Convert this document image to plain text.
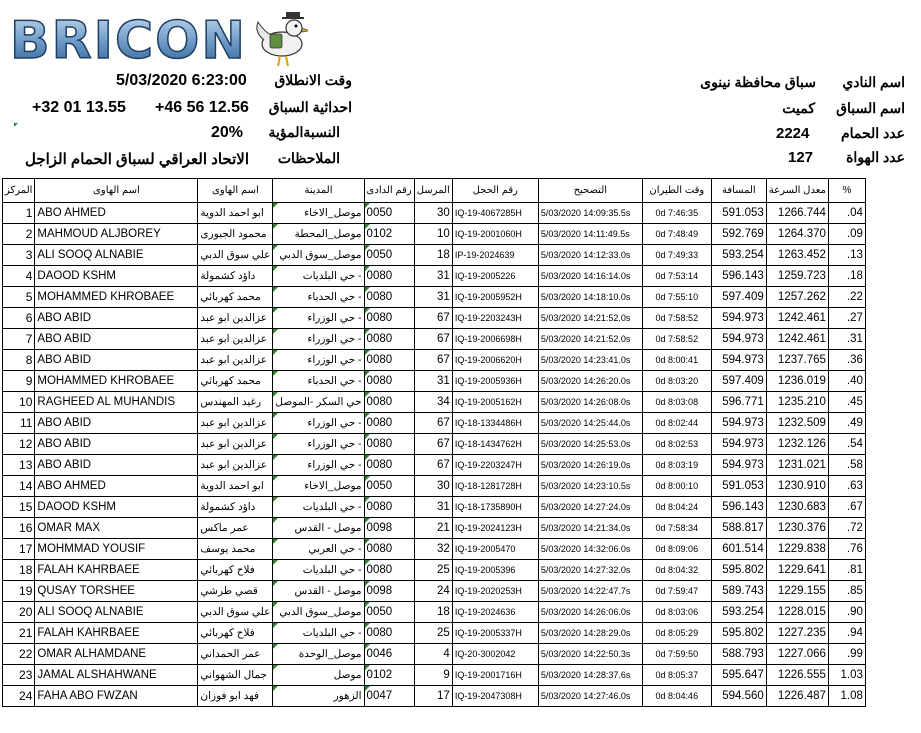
BRICON
5/03/2020 6:23:00 وقت الانطلاق
+32 01 13.55 +46 56 12.56 احداثية السباق
20% النسبةالمؤية
الاتحاد العراقي لسباق الحمام الزاجل الملاحظات
سباق محافظة نينوى اسم النادي
كميت اسم السباق
2224 عدد الحمام
127 عدد الهواة
المركز	اسم الهاوى	اسم الهاوى	المدينة	رقم الدادى	المرسل	رقم الحجل	التصحيح	وقت الطيران	المسافة	معدل السرعة	%
1	ABO AHMED	ابو احمد الدوية	موصل_الاخاء	0050	30	IQ-19-4067285H	5/03/2020 14:09:35.5s	0d 7:46:35	591.053	1266.744	.04
2	MAHMOUD ALJBOREY	محمود الجبورى	موصل_المحطة	0102	10	IQ-19-2001060H	5/03/2020 14:11:49.5s	0d 7:48:49	592.769	1264.370	.09
3	ALI SOOQ ALNABIE	علي سوق الدبي	موصل_سوق الدبي	0050	18	IP-19-2024639	5/03/2020 14:12:33.0s	0d 7:49:33	593.254	1263.452	.13
4	DAOOD KSHM	داؤد كشمولة	- حي البلديات	0080	31	IQ-19-2005226	5/03/2020 14:16:14.0s	0d 7:53:14	596.143	1259.723	.18
5	MOHAMMED KHROBAEE	محمد كهربائي	- حي الحدباء	0080	31	IQ-19-2005952H	5/03/2020 14:18:10.0s	0d 7:55:10	597.409	1257.262	.22
6	ABO ABID	عزالدين ابو عبد	- حي الوزراء	0080	67	IQ-19-2203243H	5/03/2020 14:21:52.0s	0d 7:58:52	594.973	1242.461	.27
7	ABO ABID	عزالدين ابو عبد	- حي الوزراء	0080	67	IQ-19-2006698H	5/03/2020 14:21:52.0s	0d 7:58:52	594.973	1242.461	.31
8	ABO ABID	عزالدين ابو عبد	- حي الوزراء	0080	67	IQ-19-2006620H	5/03/2020 14:23:41.0s	0d 8:00:41	594.973	1237.765	.36
9	MOHAMMED KHROBAEE	محمد كهربائي	- حي الحدباء	0080	31	IQ-19-2005936H	5/03/2020 14:26:20.0s	0d 8:03:20	597.409	1236.019	.40
10	RAGHEED AL MUHANDIS	رغيد المهندس	حي السكر -الموصل	0080	34	IQ-19-2005162H	5/03/2020 14:26:08.0s	0d 8:03:08	596.771	1235.210	.45
11	ABO ABID	عزالدين ابو عبد	- حي الوزراء	0080	67	IQ-18-1334486H	5/03/2020 14:25:44.0s	0d 8:02:44	594.973	1232.509	.49
12	ABO ABID	عزالدين ابو عبد	- حي الوزراء	0080	67	IQ-18-1434762H	5/03/2020 14:25:53.0s	0d 8:02:53	594.973	1232.126	.54
13	ABO ABID	عزالدين ابو عبد	- حي الوزراء	0080	67	IQ-19-2203247H	5/03/2020 14:26:19.0s	0d 8:03:19	594.973	1231.021	.58
14	ABO AHMED	ابو احمد الدوية	موصل_الاخاء	0050	30	IQ-18-1281728H	5/03/2020 14:23:10.5s	0d 8:00:10	591.053	1230.910	.63
15	DAOOD KSHM	داؤد كشمولة	- حي البلديات	0080	31	IQ-18-1735890H	5/03/2020 14:27:24.0s	0d 8:04:24	596.143	1230.683	.67
16	OMAR MAX	عمر ماكس	موصل - القدس	0098	21	IQ-19-2024123H	5/03/2020 14:21:34.0s	0d 7:58:34	588.817	1230.376	.72
17	MOHMMAD YOUSIF	محمد يوسف	- حي العربي	0080	32	IQ-19-2005470	5/03/2020 14:32:06.0s	0d 8:09:06	601.514	1229.838	.76
18	FALAH KAHRBAEE	فلاح كهربائي	- حي البلديات	0080	25	IQ-19-2005396	5/03/2020 14:27:32.0s	0d 8:04:32	595.802	1229.641	.81
19	QUSAY TORSHEE	قصي طرشي	موصل - القدس	0098	24	IQ-19-2020253H	5/03/2020 14:22:47.7s	0d 7:59:47	589.743	1229.155	.85
20	ALI SOOQ ALNABIE	علي سوق الدبي	موصل_سوق الدبي	0050	18	IQ-19-2024636	5/03/2020 14:26:06.0s	0d 8:03:06	593.254	1228.015	.90
21	FALAH KAHRBAEE	فلاح كهربائي	- حي البلديات	0080	25	IQ-19-2005337H	5/03/2020 14:28:29.0s	0d 8:05:29	595.802	1227.235	.94
22	OMAR ALHAMDANE	عمر الحمداني	موصل_الوحدة	0046	4	IQ-20-3002042	5/03/2020 14:22:50.3s	0d 7:59:50	588.793	1227.066	.99
23	JAMAL ALSHAHWANE	جمال الشهواني	موصل	0102	9	IQ-19-2001716H	5/03/2020 14:28:37.6s	0d 8:05:37	595.647	1226.555	1.03
24	FAHA ABO FWZAN	فهد ابو فوزان	الزهور	0047	17	IQ-19-2047308H	5/03/2020 14:27:46.0s	0d 8:04:46	594.560	1226.487	1.08
